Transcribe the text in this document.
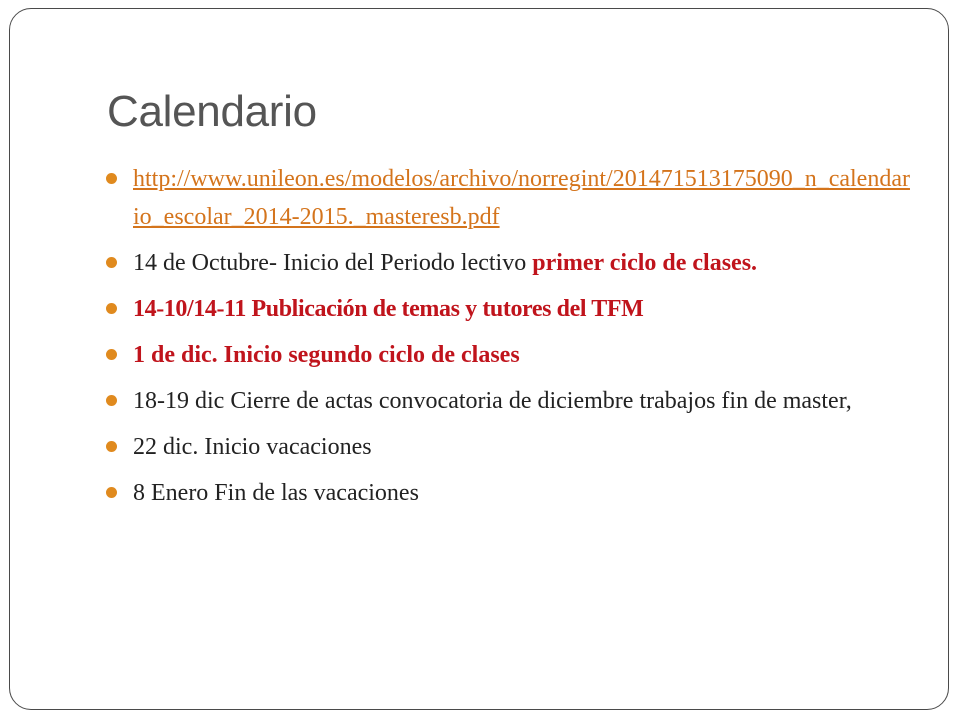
Calendario
http://www.unileon.es/modelos/archivo/norregint/201471513175090_n_calendario_escolar_2014-2015._masteresb.pdf
14 de Octubre- Inicio del Periodo lectivo primer ciclo de clases.
14-10/14-11 Publicación de temas y tutores del TFM
1 de dic. Inicio segundo ciclo de clases
18-19 dic Cierre de actas convocatoria de diciembre trabajos fin de master,
22 dic. Inicio vacaciones
8 Enero Fin de las vacaciones
